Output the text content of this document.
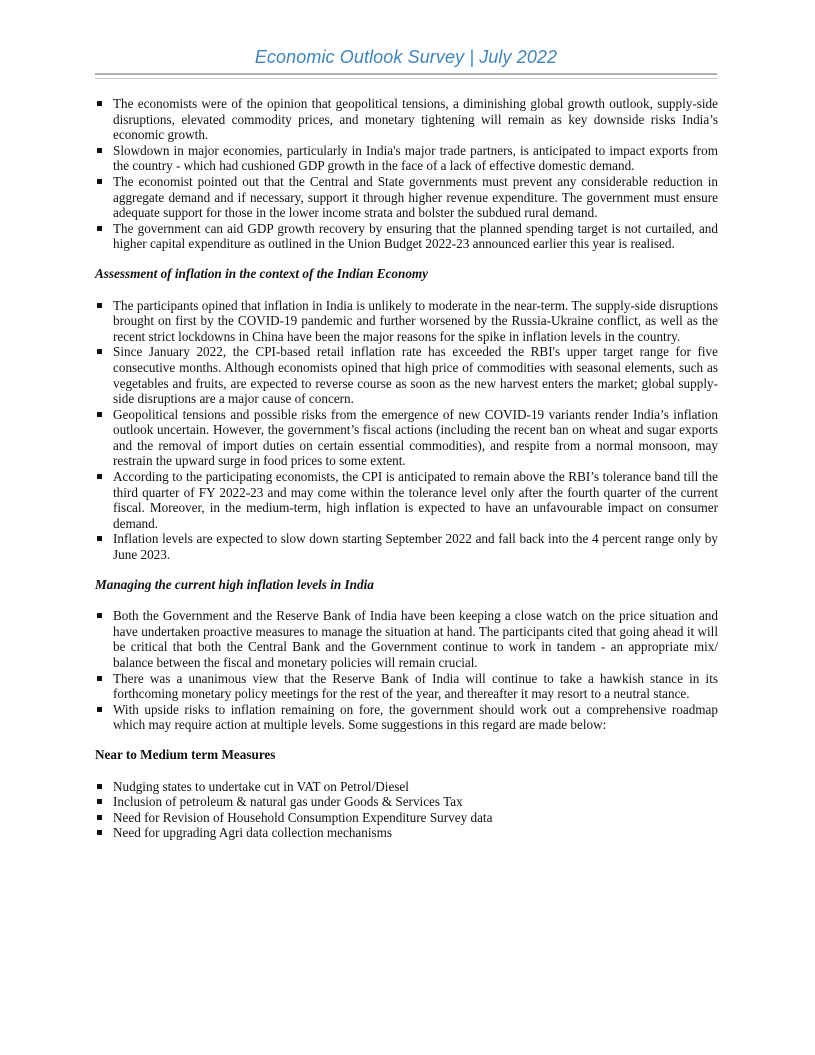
Economic Outlook Survey | July 2022
The economists were of the opinion that geopolitical tensions, a diminishing global growth outlook, supply-side disruptions, elevated commodity prices, and monetary tightening will remain as key downside risks India’s economic growth.
Slowdown in major economies, particularly in India's major trade partners, is anticipated to impact exports from the country - which had cushioned GDP growth in the face of a lack of effective domestic demand.
The economist pointed out that the Central and State governments must prevent any considerable reduction in aggregate demand and if necessary, support it through higher revenue expenditure. The government must ensure adequate support for those in the lower income strata and bolster the subdued rural demand.
The government can aid GDP growth recovery by ensuring that the planned spending target is not curtailed, and higher capital expenditure as outlined in the Union Budget 2022-23 announced earlier this year is realised.
Assessment of inflation in the context of the Indian Economy
The participants opined that inflation in India is unlikely to moderate in the near-term. The supply-side disruptions brought on first by the COVID-19 pandemic and further worsened by the Russia-Ukraine conflict, as well as the recent strict lockdowns in China have been the major reasons for the spike in inflation levels in the country.
Since January 2022, the CPI-based retail inflation rate has exceeded the RBI's upper target range for five consecutive months. Although economists opined that high price of commodities with seasonal elements, such as vegetables and fruits, are expected to reverse course as soon as the new harvest enters the market; global supply-side disruptions are a major cause of concern.
Geopolitical tensions and possible risks from the emergence of new COVID-19 variants render India’s inflation outlook uncertain. However, the government’s fiscal actions (including the recent ban on wheat and sugar exports and the removal of import duties on certain essential commodities), and respite from a normal monsoon, may restrain the upward surge in food prices to some extent.
According to the participating economists, the CPI is anticipated to remain above the RBI’s tolerance band till the third quarter of FY 2022-23 and may come within the tolerance level only after the fourth quarter of the current fiscal. Moreover, in the medium-term, high inflation is expected to have an unfavourable impact on consumer demand.
Inflation levels are expected to slow down starting September 2022 and fall back into the 4 percent range only by June 2023.
Managing the current high inflation levels in India
Both the Government and the Reserve Bank of India have been keeping a close watch on the price situation and have undertaken proactive measures to manage the situation at hand. The participants cited that going ahead it will be critical that both the Central Bank and the Government continue to work in tandem - an appropriate mix/ balance between the fiscal and monetary policies will remain crucial.
There was a unanimous view that the Reserve Bank of India will continue to take a hawkish stance in its forthcoming monetary policy meetings for the rest of the year, and thereafter it may resort to a neutral stance.
With upside risks to inflation remaining on fore, the government should work out a comprehensive roadmap which may require action at multiple levels. Some suggestions in this regard are made below:
Near to Medium term Measures
Nudging states to undertake cut in VAT on Petrol/Diesel
Inclusion of petroleum & natural gas under Goods & Services Tax
Need for Revision of Household Consumption Expenditure Survey data
Need for upgrading Agri data collection mechanisms
